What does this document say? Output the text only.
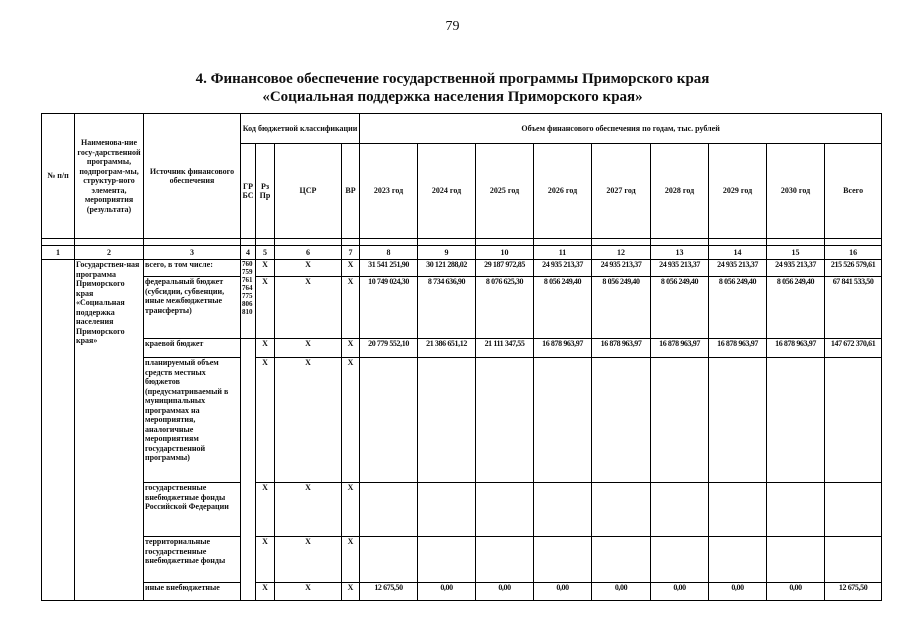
79
4. Финансовое обеспечение государственной программы Приморского края
«Социальная поддержка населения Приморского края»
№ п/п	Наименова-ние госу-дарственной программы, подпрограм-мы, структур-ного элемента, мероприятия (результата)	Источник финансового обеспечения	Код бюджетной классификации				Объем финансового обеспечения по годам, тыс. рублей								
			ГР БС	Рз Пр	ЦСР	ВР	2023 год	2024 год	2025 год	2026 год	2027 год	2028 год	2029 год	2030 год	Всего

1	2	3	4	5	6	7	8	9	10	11	12	13	14	15	16
	Государствен-ная программа Приморского края «Социальная поддержка населения Приморского края»	всего, в том числе:	760 759 761 764 775 806 810	X	X	X	31 541 251,90	30 121 288,02	29 187 972,85	24 935 213,37	24 935 213,37	24 935 213,37	24 935 213,37	24 935 213,37	215 526 579,61
		федеральный бюджет (субсидии, субвенции, иные межбюджетные трансферты)		X	X	X	10 749 024,30	8 734 636,90	8 076 625,30	8 056 249,40	8 056 249,40	8 056 249,40	8 056 249,40	8 056 249,40	67 841 533,50
		краевой бюджет		X	X	X	20 779 552,10	21 386 651,12	21 111 347,55	16 878 963,97	16 878 963,97	16 878 963,97	16 878 963,97	16 878 963,97	147 672 370,61
		планируемый объем средств местных бюджетов (предусматриваемый в муниципальных программах на мероприятия, аналогичные мероприятиям государственной программы)		X	X	X									
		государственные внебюджетные фонды Российской Федерации		X	X	X									
		территориальные государственные внебюджетные фонды		X	X	X									
		иные внебюджетные		X	X	X	12 675,50	0,00	0,00	0,00	0,00	0,00	0,00	0,00	12 675,50
